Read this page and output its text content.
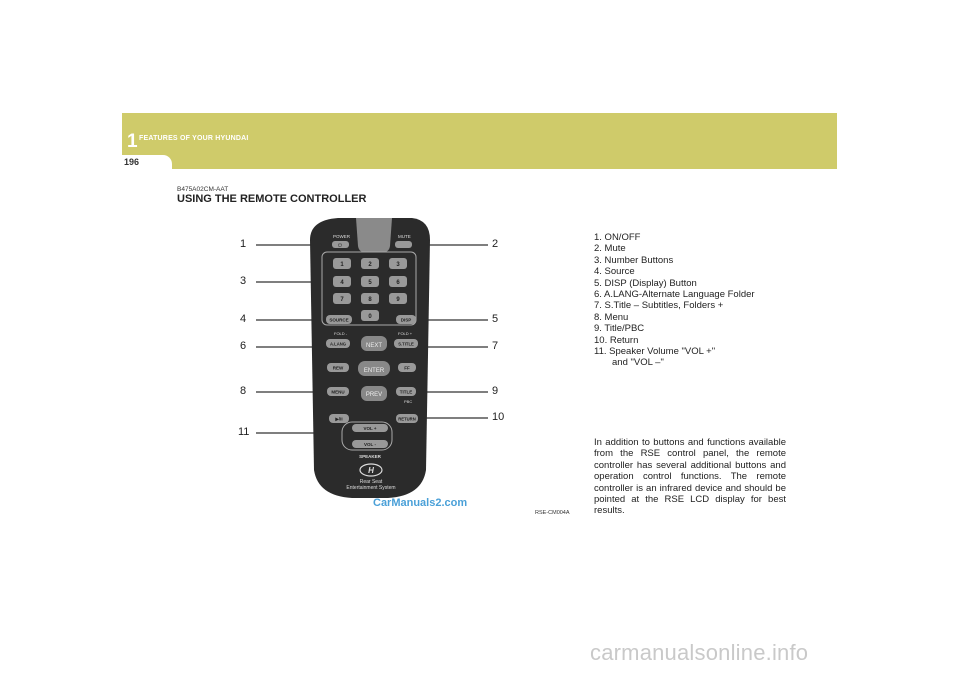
1 FEATURES OF YOUR HYUNDAI
196
B475A02CM-AAT
USING THE REMOTE CONTROLLER
POWER
⏻
MUTE
1	2	3
4	5	6
7	8	9
0
SOURCE	DISP
FOLD -
A.LANG
FOLD +
S.TITLE
NEXT
ENTER
PREV
REW	FF
MENU	TITLE
PBC
▶/II	RETURN
VOL +
VOL -
SPEAKER
H
Rear Seat
Entertainment System
1
3
4
6
8
11
2
5
7
9
10
CarManuals2.com
RSE-CM004A
1. ON/OFF
2. Mute
3. Number Buttons
4. Source
5. DISP (Display) Button
6. A.LANG-Alternate Language Folder
7. S.Title – Subtitles, Folders +
8. Menu
9. Title/PBC
10. Return
11. Speaker Volume "VOL +"
and "VOL –"
In addition to buttons and functions available from the RSE control panel, the remote controller has several additional buttons and operation control functions. The remote controller is an infrared device and should be pointed at the RSE LCD display for best results.
carmanualsonline.info
